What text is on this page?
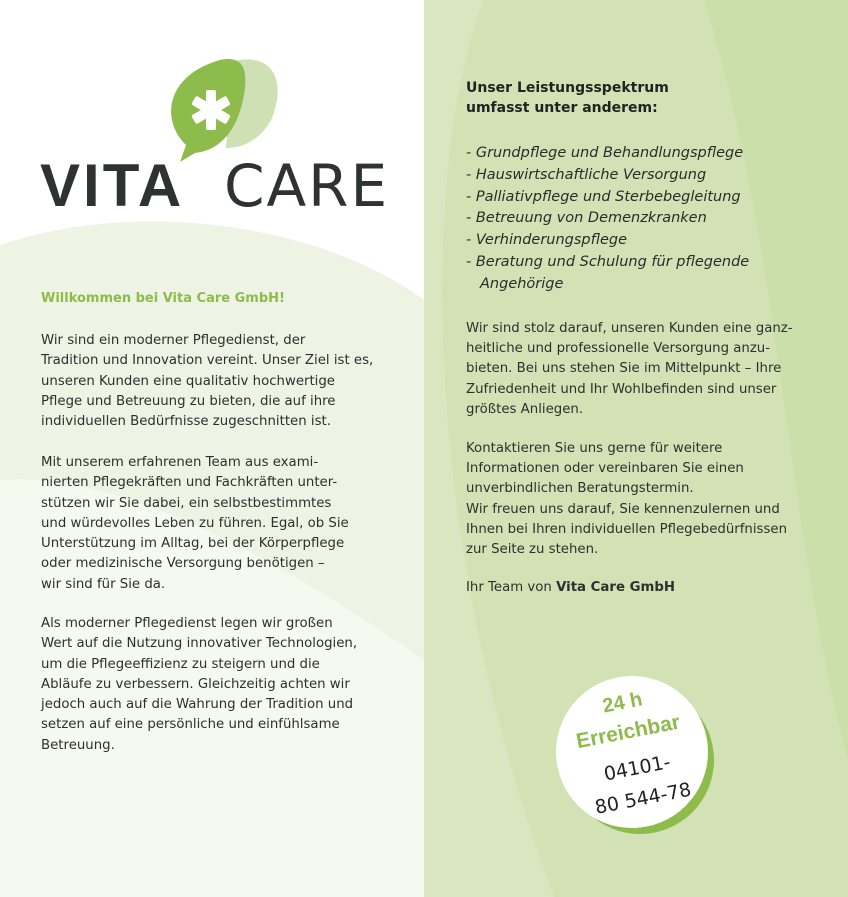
VITA CARE

Willkommen bei Vita Care GmbH!

Wir sind ein moderner Pflegedienst, der
Tradition und Innovation vereint. Unser Ziel ist es,
unseren Kunden eine qualitativ hochwertige
Pflege und Betreuung zu bieten, die auf ihre
individuellen Bedürfnisse zugeschnitten ist.

Mit unserem erfahrenen Team aus exami-
nierten Pflegekräften und Fachkräften unter-
stützen wir Sie dabei, ein selbstbestimmtes
und würdevolles Leben zu führen. Egal, ob Sie
Unterstützung im Alltag, bei der Körperpflege
oder medizinische Versorgung benötigen –
wir sind für Sie da.

Als moderner Pflegedienst legen wir großen
Wert auf die Nutzung innovativer Technologien,
um die Pflegeeffizienz zu steigern und die
Abläufe zu verbessern. Gleichzeitig achten wir
jedoch auch auf die Wahrung der Tradition und
setzen auf eine persönliche und einfühlsame
Betreuung.

Unser Leistungsspektrum
umfasst unter anderem:

- Grundpflege und Behandlungspflege
- Hauswirtschaftliche Versorgung
- Palliativpflege und Sterbebegleitung
- Betreuung von Demenzkranken
- Verhinderungspflege
- Beratung und Schulung für pflegende
Angehörige

Wir sind stolz darauf, unseren Kunden eine ganz-
heitliche und professionelle Versorgung anzu-
bieten. Bei uns stehen Sie im Mittelpunkt – Ihre
Zufriedenheit und Ihr Wohlbefinden sind unser
größtes Anliegen.

Kontaktieren Sie uns gerne für weitere
Informationen oder vereinbaren Sie einen
unverbindlichen Beratungstermin.
Wir freuen uns darauf, Sie kennenzulernen und
Ihnen bei Ihren individuellen Pflegebedürfnissen
zur Seite zu stehen.

Ihr Team von Vita Care GmbH

24 h
Erreichbar
04101-
80 544-78
